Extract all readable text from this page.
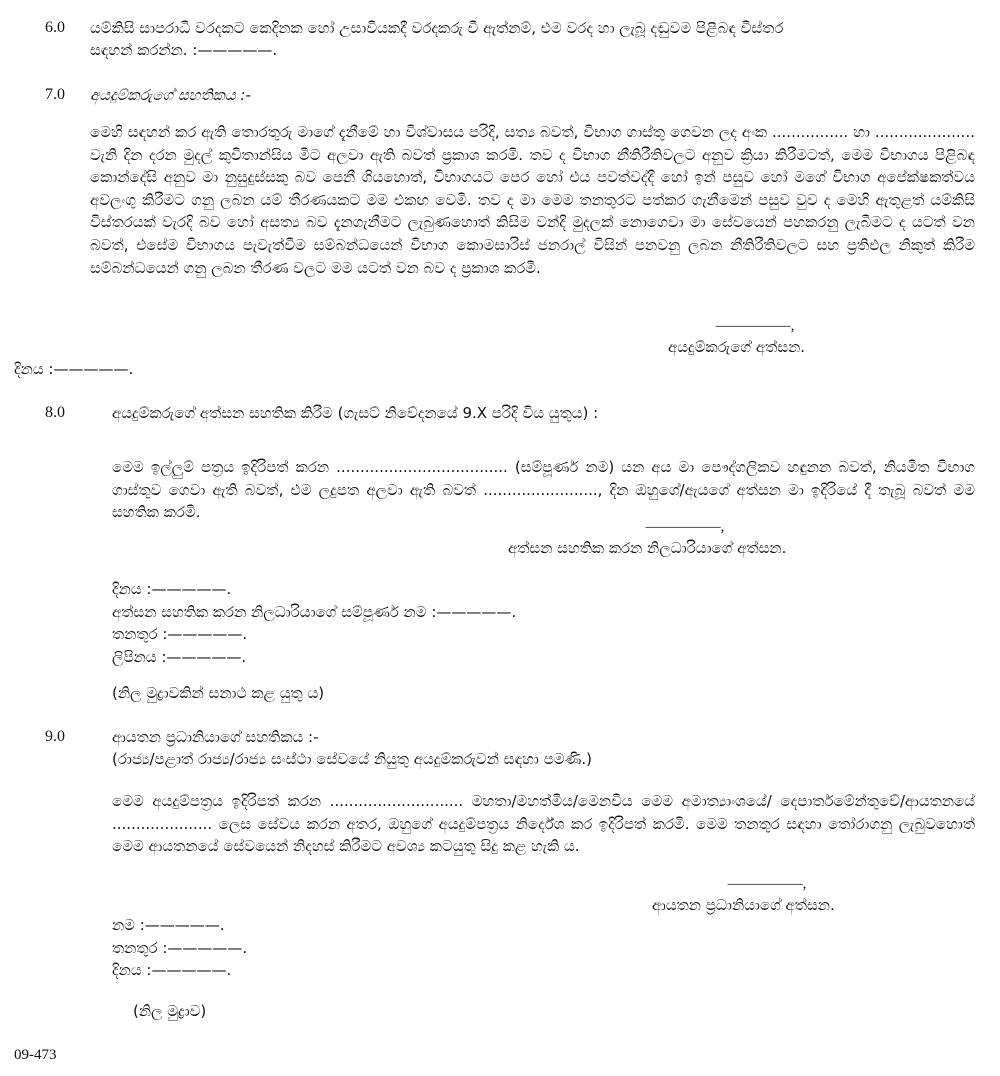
6.0 යම්කිසි සාපරාධී වරදකට කෙදිනක හෝ උසාවියකදී වරදකරු වී ඇත්නම්, එම වරද හා ලැබූ දඬුවම පිළිබඳ විස්තර
සඳහන් කරන්න. :—————.
7.0 අයදුම්කරුගේ සහතිකය :-
මෙහි සඳහන් කර ඇති තොරතුරු මාගේ දැනීමේ හා විශ්වාසය පරිදි, සත්‍ය බවත්, විභාග ගාස්තු ගෙවන ලද අංක ................ හා ..................... වැනි දින දරන මුදල් කුවිතාන්සිය මීට අලවා ඇති බවත් ප්‍රකාශ කරමි. තව ද විභාග නීතිරීතිවලට අනුව ක්‍රියා කිරීමටත්, මෙම විභාගය පිළිබඳ කොන්දේසි අනුව මා නුසුදුස්සකු බව පෙනී ගියහොත්, විභාගයට පෙර හෝ එය පවත්වද්දී හෝ ඉන් පසුව හෝ මගේ විභාග අපේක්ෂකත්වය අවලංගු කිරීමට ගනු ලබන යම් තීරණයකට මම එකඟ වෙමි. තව ද මා මෙම තනතුරට පත්කර ගැනීමෙන් පසුව වුව ද මෙහි ඇතුළත් යම්කිසි විස්තරයක් වැරදි බව හෝ අසත්‍ය බව දැනගැනීමට ලැබුණහොත් කිසිම වන්දි මුදලක් නොගෙවා මා සේවයෙන් පහකරනු ලැබීමට ද යටත් වන බවත්, එසේම විභාගය පැවැත්වීම සම්බන්ධයෙන් විභාග කොමසාරිස් ජනරාල් විසින් පනවනු ලබන නීතිරීතිවලට සහ ප්‍රතිඵල නිකුත් කිරීම සම්බන්ධයෙන් ගනු ලබන තීරණ වලට මම යටත් වන බව ද ප්‍රකාශ කරමි.
—————,
අයදුම්කරුගේ අත්සන.
දිනය :—————.
8.0	අයදුම්කරුගේ අත්සන සහතික කිරීම (ගැසට් නිවේදනයේ 9.X පරිදි විය යුතුය) :
මෙම ඉල්ලුම් පත්‍රය ඉදිරිපත් කරන .................................... (සම්පූර්ණ නම) යන අය මා පෞද්ගලිකව හඳුනන බවත්, නියමිත විභාග ගාස්තුව ගෙවා ඇති බවත්, එම ලදුපත අලවා ඇති බවත් ........................, දින ඔහුගේ/ඇයගේ අත්සන මා ඉදිරියේ දී තැබූ බවත් මම සහතික කරමි.
—————,
අත්සන සහතික කරන නිලධාරියාගේ අත්සන.
දිනය :—————.
අත්සන සහතික කරන නිලධාරියාගේ සම්පූර්ණ නම :—————.
තනතුර :—————.
ලිපිනය :—————.
(නිල මුද්‍රාවකින් සනාථ කළ යුතු ය)
9.0	ආයතන ප්‍රධානියාගේ සහතිකය :-
(රාජ්‍ය/පළාත් රාජ්‍ය/රාජ්‍ය සංස්ථා සේවයේ නියුතු අයදුම්කරුවන් සඳහා පමණි.)
මෙම අයදුම්පත්‍රය ඉදිරිපත් කරන ............................ මහතා/මහත්මිය/මෙනවිය මෙම අමාත්‍යාංශයේ/ දෙපාර්තමේන්තුවේ/ආයතනයේ ..................... ලෙස සේවය කරන අතර, ඔහුගේ අයදුම්පත්‍රය නිර්දේශ කර ඉදිරිපත් කරමි. මෙම තනතුර සඳහා තෝරාගනු ලැබුවහොත් මෙම ආයතනයේ සේවයෙන් නිදහස් කිරීමට අවශ්‍ය කටයුතු සිදු කළ හැකි ය.
—————,
ආයතන ප්‍රධානියාගේ අත්සන.
නම :—————.
තනතුර :—————.
දිනය :—————.
(නිල මුද්‍රාව)
09-473
